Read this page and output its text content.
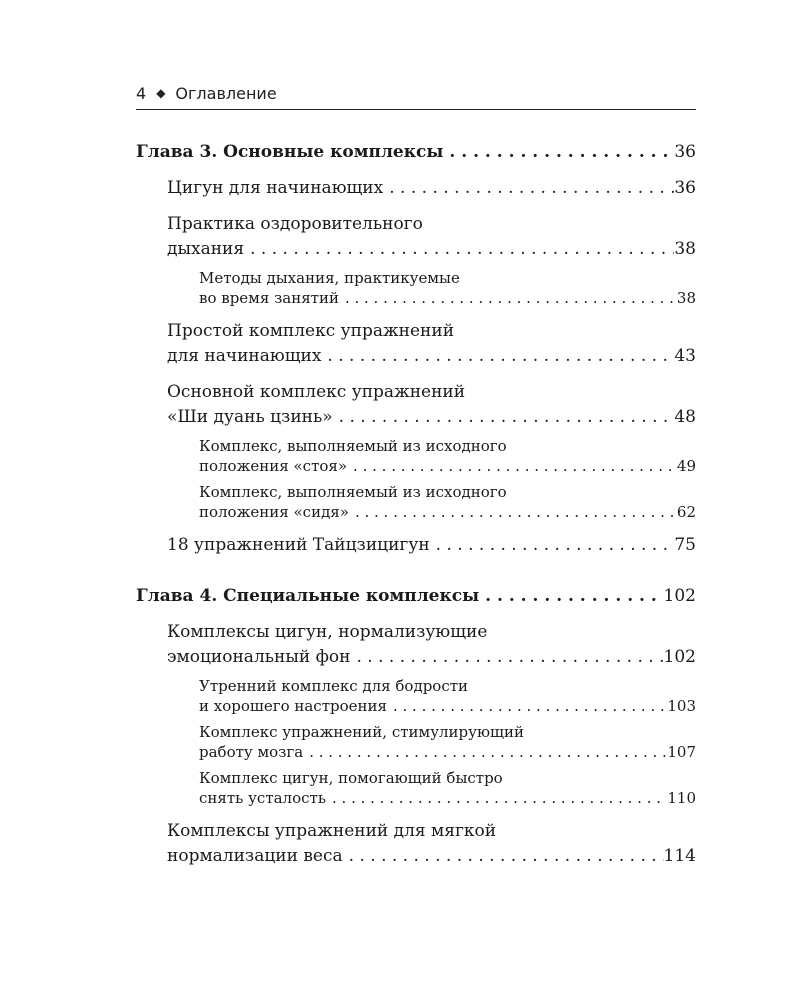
4 ◆ Оглавление
Глава 3. Основные комплексы . . .	36
Цигун для начинающих . . .	36
Практика оздоровительного
дыхания . . .	38
Методы дыхания, практикуемые
во время занятий . . .	38
Простой комплекс упражнений
для начинающих . . .	43
Основной комплекс упражнений
«Ши дуань цзинь» . . .	48
Комплекс, выполняемый из исходного
положения «стоя» . . .	49
Комплекс, выполняемый из исходного
положения «сидя» . . .	62
18 упражнений Тайцзицигун . . .	75
Глава 4. Специальные комплексы . . .	102
Комплексы цигун, нормализующие
эмоциональный фон . . .	102
Утренний комплекс для бодрости
и хорошего настроения . . .	103
Комплекс упражнений, стимулирующий
работу мозга . . .	107
Комплекс цигун, помогающий быстро
снять усталость . . .	110
Комплексы упражнений для мягкой
нормализации веса . . .	114
